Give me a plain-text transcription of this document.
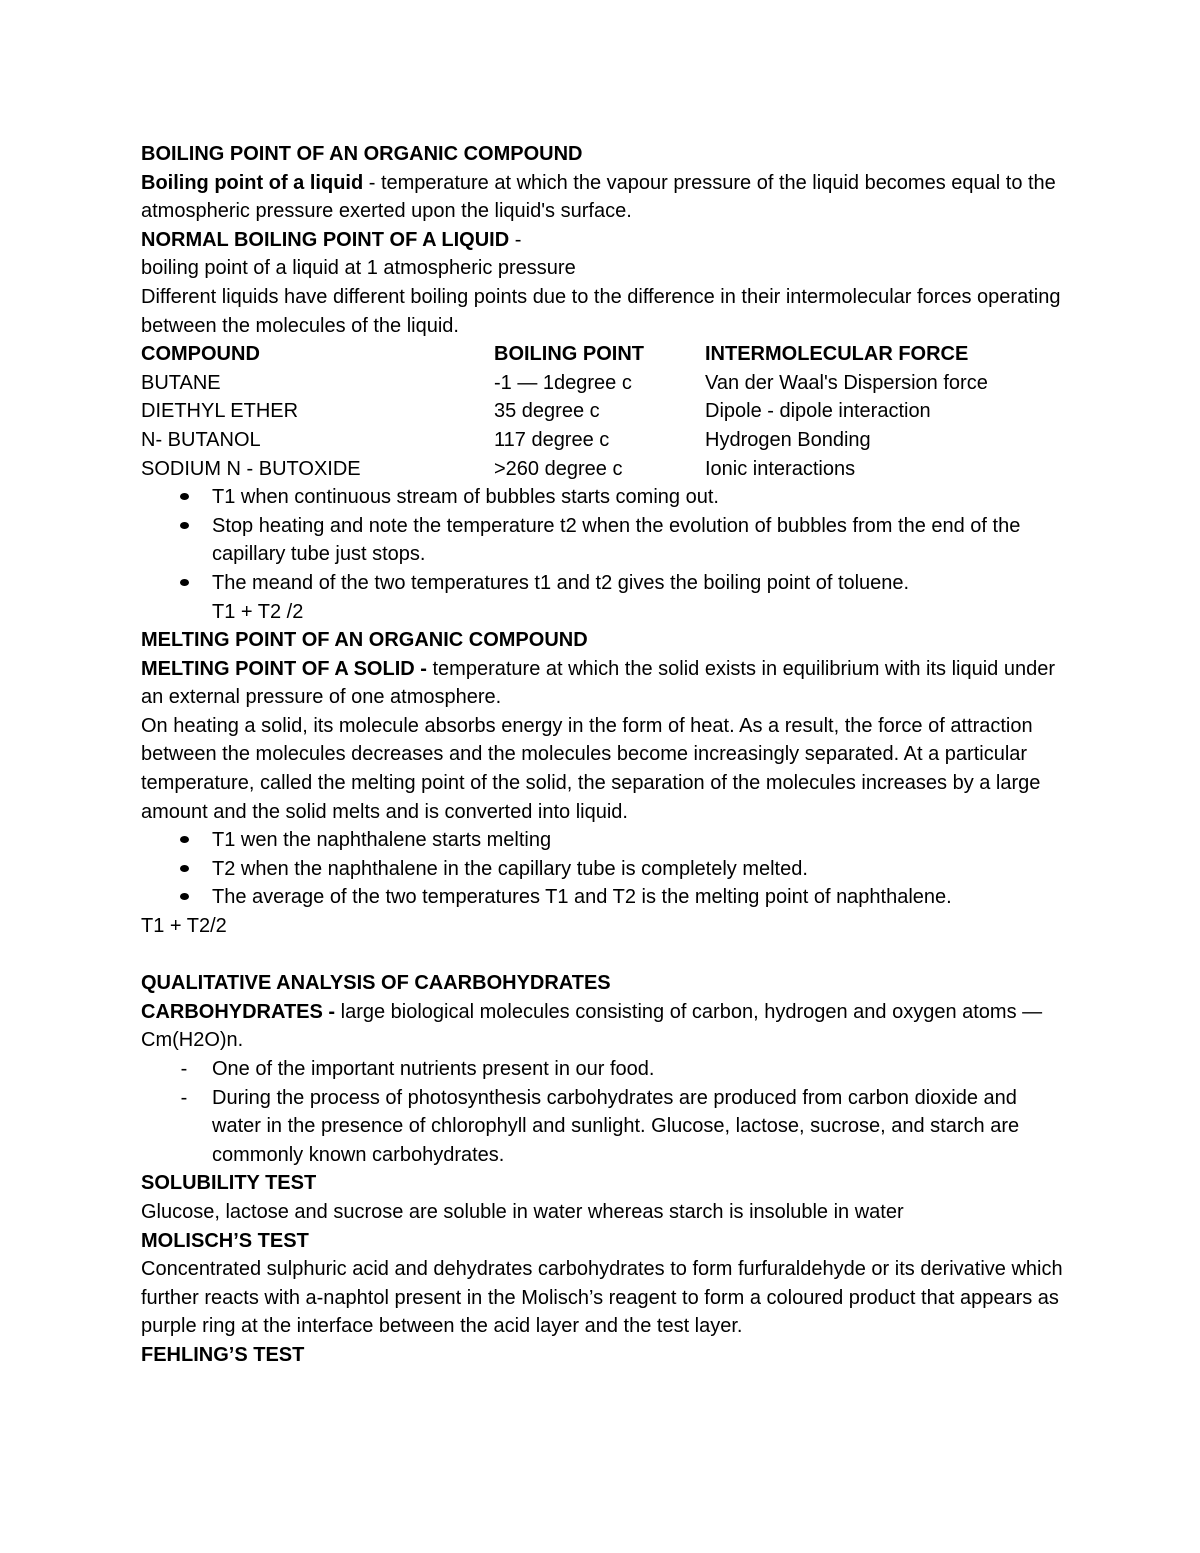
BOILING POINT OF AN ORGANIC COMPOUND

Boiling point of a liquid - temperature at which the vapour pressure of the liquid becomes equal to the atmospheric pressure exerted upon the liquid's surface.

NORMAL BOILING POINT OF A LIQUID -

boiling point of a liquid at 1 atmospheric pressure

Different liquids have different boiling points due to the difference in their intermolecular forces operating between the molecules of the liquid.

COMPOUND	BOILING POINT	INTERMOLECULAR FORCE
BUTANE	-1 — 1degree c	Van der Waal's Dispersion force
DIETHYL ETHER	35 degree c	Dipole - dipole interaction
N- BUTANOL	117 degree c	Hydrogen Bonding
SODIUM N - BUTOXIDE	>260 degree c	Ionic interactions
T1 when continuous stream of bubbles starts coming out.
Stop heating and note the temperature t2 when the evolution of bubbles from the end of the capillary tube just stops.
The meand of the two temperatures t1 and t2 gives the boiling point of toluene.

T1 + T2 /2

MELTING POINT OF AN ORGANIC COMPOUND

MELTING POINT OF A SOLID - temperature at which the solid exists in equilibrium with its liquid under an external pressure of one atmosphere.

On heating a solid, its molecule absorbs energy in the form of heat. As a result, the force of attraction between the molecules decreases and the molecules become increasingly separated. At a particular temperature, called the melting point of the solid, the separation of the molecules increases by a large amount and the solid melts and is converted into liquid.

T1 wen the naphthalene starts melting
T2 when the naphthalene in the capillary tube is completely melted.
The average of the two temperatures T1 and T2 is the melting point of naphthalene.

T1 + T2/2

QUALITATIVE ANALYSIS OF CAARBOHYDRATES

CARBOHYDRATES - large biological molecules consisting of carbon, hydrogen and oxygen atoms — Cm(H2O)n.

-	One of the important nutrients present in our food.
-	During the process of photosynthesis carbohydrates are produced from carbon dioxide and water in the presence of chlorophyll and sunlight. Glucose, lactose, sucrose, and starch are commonly known carbohydrates.

SOLUBILITY TEST

Glucose, lactose and sucrose are soluble in water whereas starch is insoluble in water

MOLISCH’S TEST

Concentrated sulphuric acid and dehydrates carbohydrates to form furfuraldehyde or its derivative which further reacts with a-naphtol present in the Molisch’s reagent to form a coloured product that appears as purple ring at the interface between the acid layer and the test layer.

FEHLING’S TEST
